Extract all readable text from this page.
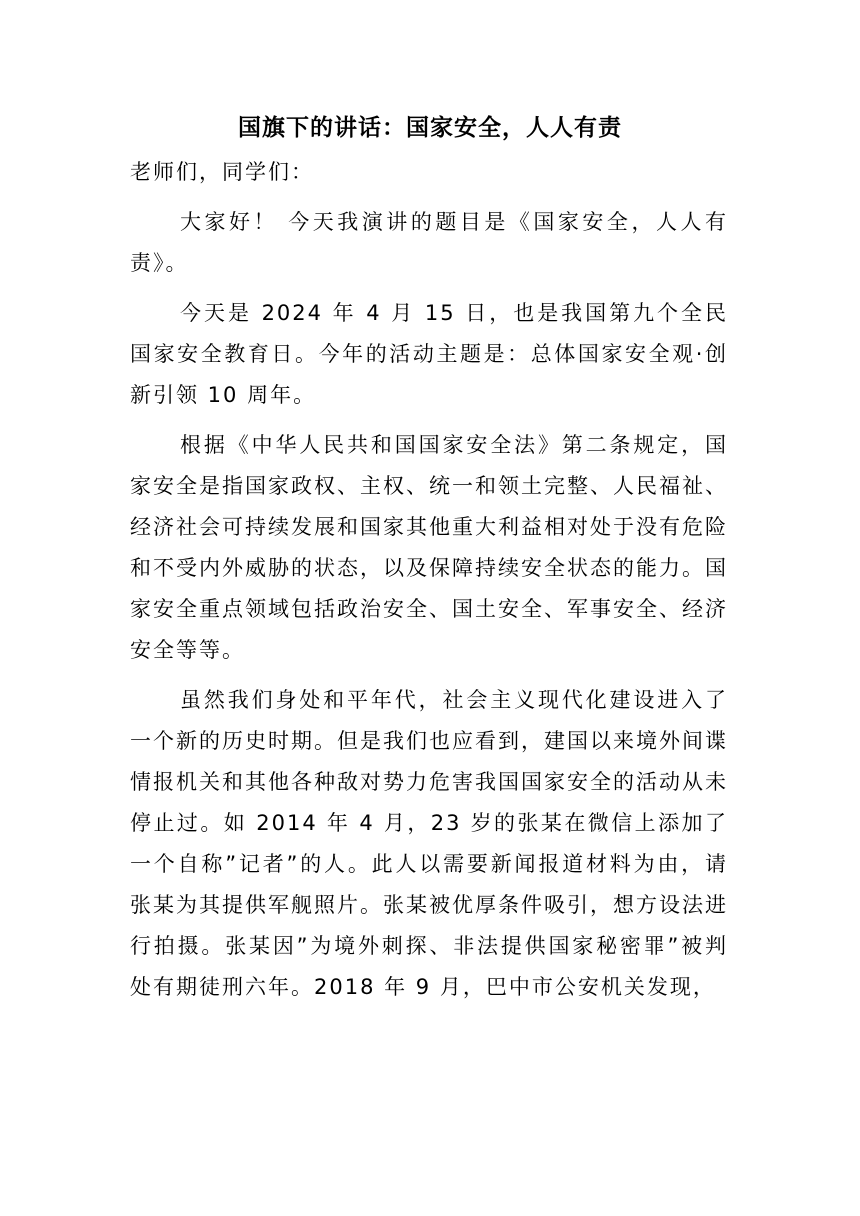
国旗下的讲话：国家安全，人人有责

老师们，同学们：

大家好！ 今天我演讲的题目是《国家安全，人人有责》。

今天是 2024 年 4 月 15 日，也是我国第九个全民国家安全教育日。今年的活动主题是：总体国家安全观·创新引领 10 周年。

根据《中华人民共和国国家安全法》第二条规定，国家安全是指国家政权、主权、统一和领土完整、人民福祉、经济社会可持续发展和国家其他重大利益相对处于没有危险和不受内外威胁的状态，以及保障持续安全状态的能力。国家安全重点领域包括政治安全、国土安全、军事安全、经济安全等等。

虽然我们身处和平年代，社会主义现代化建设进入了一个新的历史时期。但是我们也应看到，建国以来境外间谍情报机关和其他各种敌对势力危害我国国家安全的活动从未停止过。如 2014 年 4 月，23 岁的张某在微信上添加了一个自称”记者”的人。此人以需要新闻报道材料为由，请张某为其提供军舰照片。张某被优厚条件吸引，想方设法进行拍摄。张某因”为境外刺探、非法提供国家秘密罪”被判处有期徒刑六年。2018 年 9 月，巴中市公安机关发现，
